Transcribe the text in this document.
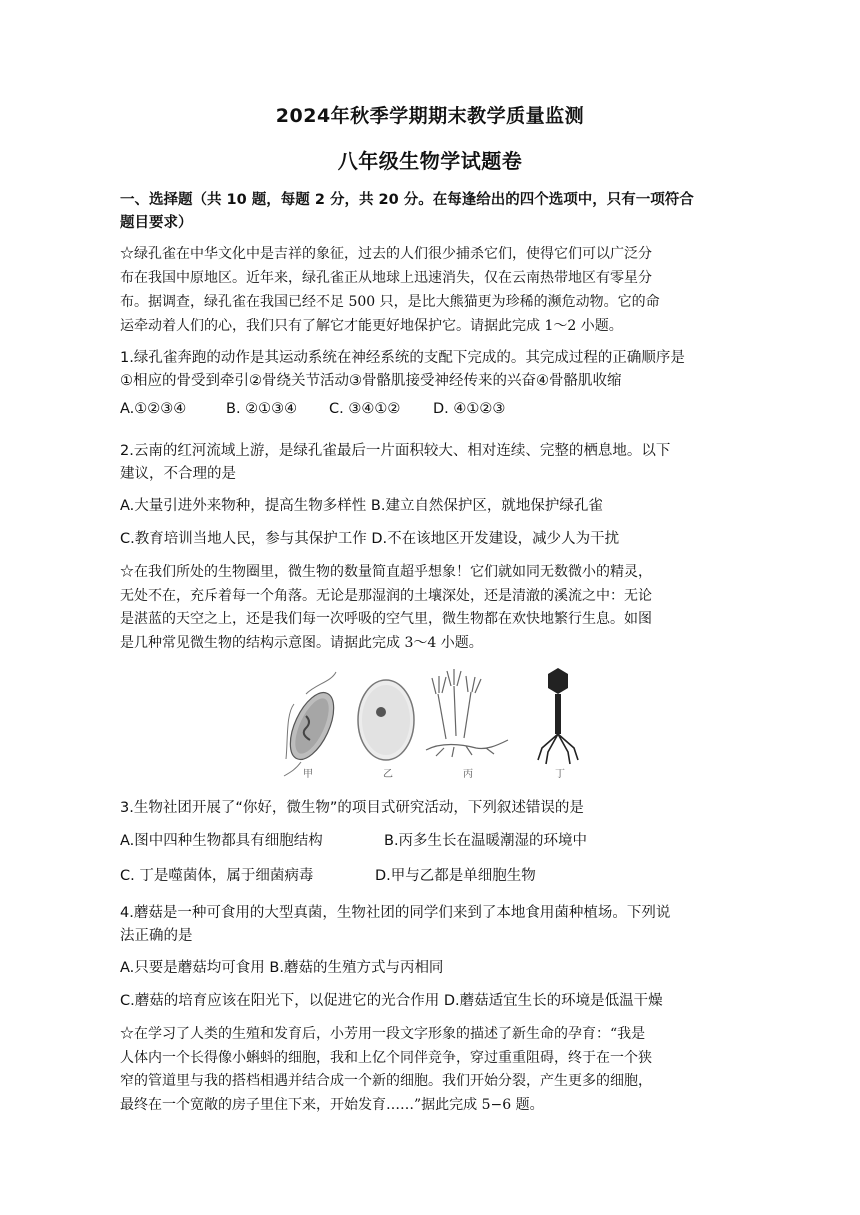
2024年秋季学期期末教学质量监测
八年级生物学试题卷
一、选择题（共 10 题，每题 2 分，共 20 分。在每逢给出的四个选项中，只有一项符合
题目要求）
☆绿孔雀在中华文化中是吉祥的象征，过去的人们很少捕杀它们，使得它们可以广泛分
布在我国中原地区。近年来，绿孔雀正从地球上迅速消失，仅在云南热带地区有零星分
布。据调查，绿孔雀在我国已经不足 500 只，是比大熊猫更为珍稀的濒危动物。它的命
运牵动着人们的心，我们只有了解它才能更好地保护它。请据此完成 1〜2 小题。
1.绿孔雀奔跑的动作是其运动系统在神经系统的支配下完成的。其完成过程的正确顺序是
①相应的骨受到牵引②骨绕关节活动③骨骼肌接受神经传来的兴奋④骨骼肌收缩
A.①②③④	B. ②①③④ C. ③④①② D. ④①②③
2.云南的红河流域上游，是绿孔雀最后一片面积较大、相对连续、完整的栖息地。以下
建议，不合理的是
A.大量引进外来物种，提高生物多样性 B.建立自然保护区，就地保护绿孔雀
C.教育培训当地人民，参与其保护工作 D.不在该地区开发建设，减少人为干扰
☆在我们所处的生物圈里，微生物的数量简直超乎想象！它们就如同无数微小的精灵，
无处不在，充斥着每一个角落。无论是那湿润的土壤深处，还是清澈的溪流之中：无论
是湛蓝的天空之上，还是我们每一次呼吸的空气里，微生物都在欢快地繁行生息。如图
是几种常见微生物的结构示意图。请据此完成 3〜4 小题。
甲	乙	丙	丁
3.生物社团开展了“你好，微生物”的项目式研究活动，下列叙述错误的是
A.图中四种生物都具有细胞结构	B.丙多生长在温暖潮湿的环境中
C. 丁是噬菌体，属于细菌病毒	D.甲与乙都是单细胞生物
4.蘑菇是一种可食用的大型真菌，生物社团的同学们来到了本地食用菌种植场。下列说
法正确的是
A.只要是蘑菇均可食用 B.蘑菇的生殖方式与丙相同
C.蘑菇的培育应该在阳光下，以促进它的光合作用 D.蘑菇适宜生长的环境是低温干燥
☆在学习了人类的生殖和发育后，小芳用一段文字形象的描述了新生命的孕育：“我是
人体内一个长得像小蝌蚪的细胞，我和上亿个同伴竞争，穿过重重阻碍，终于在一个狭
窄的管道里与我的搭档相遇并结合成一个新的细胞。我们开始分裂，产生更多的细胞，
最终在一个宽敞的房子里住下来，开始发育……”据此完成 5−6 题。
